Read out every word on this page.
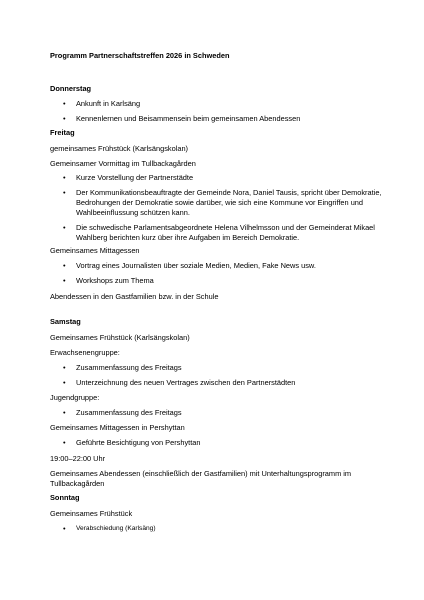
Programm Partnerschaftstreffen 2026 in Schweden
Donnerstag
• Ankunft in Karlsäng
• Kennenlernen und Beisammensein beim gemeinsamen Abendessen
Freitag
gemeinsames Frühstück (Karlsängskolan)
Gemeinsamer Vormittag im Tullbackagården
• Kurze Vorstellung der Partnerstädte
• Der Kommunikationsbeauftragte der Gemeinde Nora, Daniel Tausis, spricht über Demokratie, Bedrohungen der Demokratie sowie darüber, wie sich eine Kommune vor Eingriffen und Wahlbeeinflussung schützen kann.
• Die schwedische Parlamentsabgeordnete Helena Vilhelmsson und der Gemeinderat Mikael Wahlberg berichten kurz über ihre Aufgaben im Bereich Demokratie.
Gemeinsames Mittagessen
• Vortrag eines Journalisten über soziale Medien, Medien, Fake News usw.
• Workshops zum Thema
Abendessen in den Gastfamilien bzw. in der Schule
Samstag
Gemeinsames Frühstück (Karlsängskolan)
Erwachsenengruppe:
• Zusammenfassung des Freitags
• Unterzeichnung des neuen Vertrages zwischen den Partnerstädten
Jugendgruppe:
• Zusammenfassung des Freitags
Gemeinsames Mittagessen in Pershyttan
• Geführte Besichtigung von Pershyttan
19:00–22:00 Uhr
Gemeinsames Abendessen (einschließlich der Gastfamilien) mit Unterhaltungsprogramm im Tullbackagården
Sonntag
Gemeinsames Frühstück
• Verabschiedung (Karlsäng)
